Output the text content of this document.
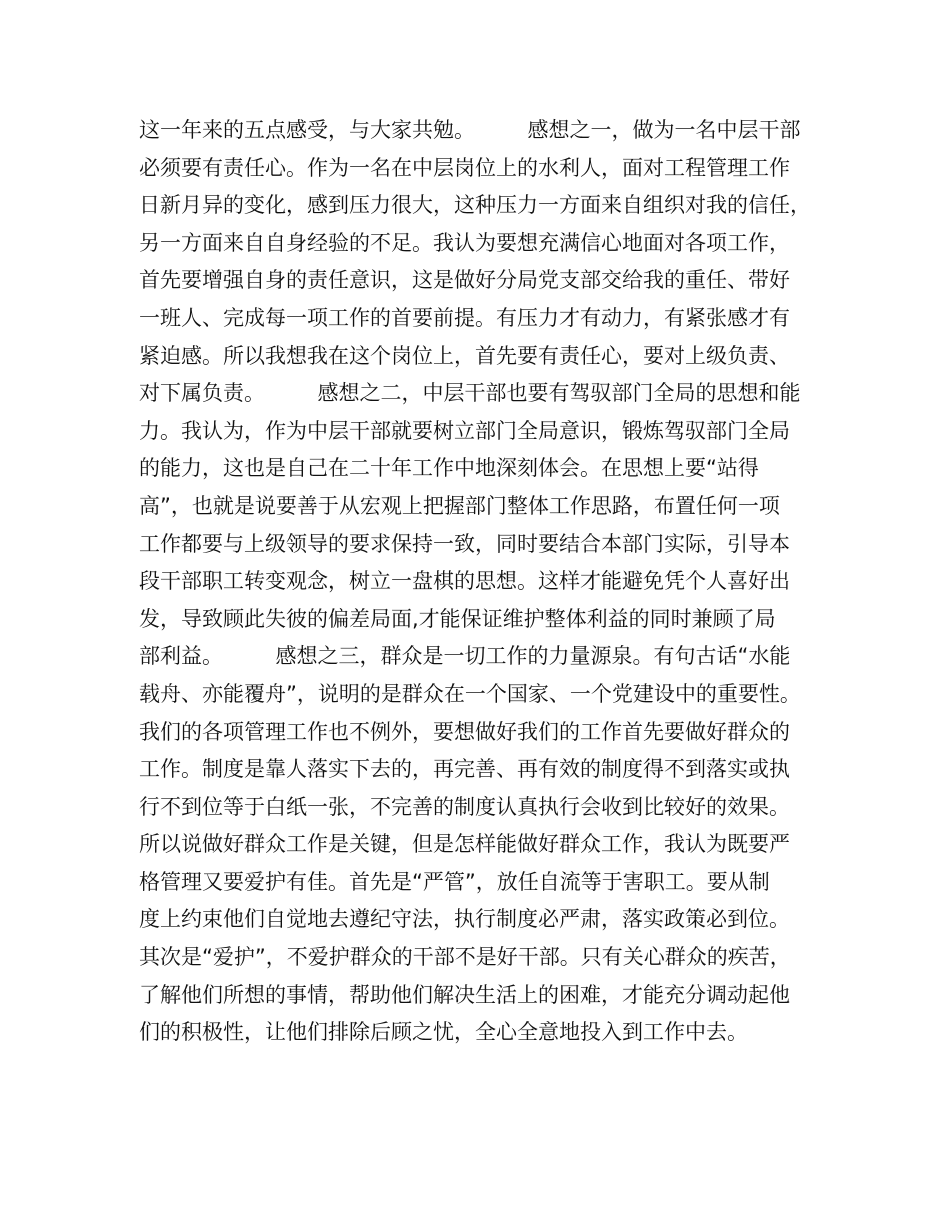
这一年来的五点感受，与大家共勉。　　　感想之一，做为一名中层干部
必须要有责任心。作为一名在中层岗位上的水利人，面对工程管理工作
日新月异的变化，感到压力很大，这种压力一方面来自组织对我的信任，
另一方面来自自身经验的不足。我认为要想充满信心地面对各项工作，
首先要增强自身的责任意识，这是做好分局党支部交给我的重任、带好
一班人、完成每一项工作的首要前提。有压力才有动力，有紧张感才有
紧迫感。所以我想我在这个岗位上，首先要有责任心，要对上级负责、
对下属负责。　　　感想之二，中层干部也要有驾驭部门全局的思想和能
力。我认为，作为中层干部就要树立部门全局意识，锻炼驾驭部门全局
的能力，这也是自己在二十年工作中地深刻体会。在思想上要“站得
高”，也就是说要善于从宏观上把握部门整体工作思路，布置任何一项
工作都要与上级领导的要求保持一致，同时要结合本部门实际，引导本
段干部职工转变观念，树立一盘棋的思想。这样才能避免凭个人喜好出
发，导致顾此失彼的偏差局面,才能保证维护整体利益的同时兼顾了局
部利益。　　　感想之三，群众是一切工作的力量源泉。有句古话“水能
载舟、亦能覆舟”，说明的是群众在一个国家、一个党建设中的重要性。
我们的各项管理工作也不例外，要想做好我们的工作首先要做好群众的
工作。制度是靠人落实下去的，再完善、再有效的制度得不到落实或执
行不到位等于白纸一张，不完善的制度认真执行会收到比较好的效果。
所以说做好群众工作是关键，但是怎样能做好群众工作，我认为既要严
格管理又要爱护有佳。首先是“严管”，放任自流等于害职工。要从制
度上约束他们自觉地去遵纪守法，执行制度必严肃，落实政策必到位。
其次是“爱护”，不爱护群众的干部不是好干部。只有关心群众的疾苦，
了解他们所想的事情，帮助他们解决生活上的困难，才能充分调动起他
们的积极性，让他们排除后顾之忧，全心全意地投入到工作中去。
